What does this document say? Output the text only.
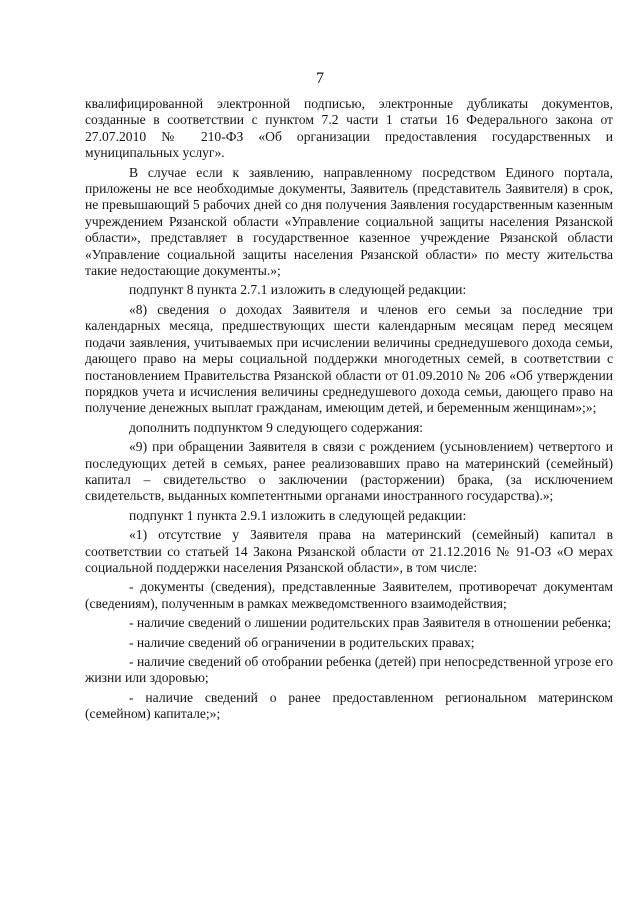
7

квалифицированной электронной подписью, электронные дубликаты документов, созданные в соответствии с пунктом 7.2 части 1 статьи 16 Федерального закона от 27.07.2010 № 210-ФЗ «Об организации предоставления государственных и муниципальных услуг».

В случае если к заявлению, направленному посредством Единого портала, приложены не все необходимые документы, Заявитель (представитель Заявителя) в срок, не превышающий 5 рабочих дней со дня получения Заявления государственным казенным учреждением Рязанской области «Управление социальной защиты населения Рязанской области», представляет в государственное казенное учреждение Рязанской области «Управление социальной защиты населения Рязанской области» по месту жительства такие недостающие документы.»;

подпункт 8 пункта 2.7.1 изложить в следующей редакции:

«8) сведения о доходах Заявителя и членов его семьи за последние три календарных месяца, предшествующих шести календарным месяцам перед месяцем подачи заявления, учитываемых при исчислении величины среднедушевого дохода семьи, дающего право на меры социальной поддержки многодетных семей, в соответствии с постановлением Правительства Рязанской области от 01.09.2010 № 206 «Об утверждении порядков учета и исчисления величины среднедушевого дохода семьи, дающего право на получение денежных выплат гражданам, имеющим детей, и беременным женщинам»;»;

дополнить подпунктом 9 следующего содержания:

«9) при обращении Заявителя в связи с рождением (усыновлением) четвертого и последующих детей в семьях, ранее реализовавших право на материнский (семейный) капитал – свидетельство о заключении (расторжении) брака, (за исключением свидетельств, выданных компетентными органами иностранного государства).»;

подпункт 1 пункта 2.9.1 изложить в следующей редакции:

«1) отсутствие у Заявителя права на материнский (семейный) капитал в соответствии со статьей 14 Закона Рязанской области от 21.12.2016 № 91-ОЗ «О мерах социальной поддержки населения Рязанской области», в том числе:

- документы (сведения), представленные Заявителем, противоречат документам (сведениям), полученным в рамках межведомственного взаимодействия;

- наличие сведений о лишении родительских прав Заявителя в отношении ребенка;

- наличие сведений об ограничении в родительских правах;

- наличие сведений об отобрании ребенка (детей) при непосредственной угрозе его жизни или здоровью;

- наличие сведений о ранее предоставленном региональном материнском (семейном) капитале;»;
